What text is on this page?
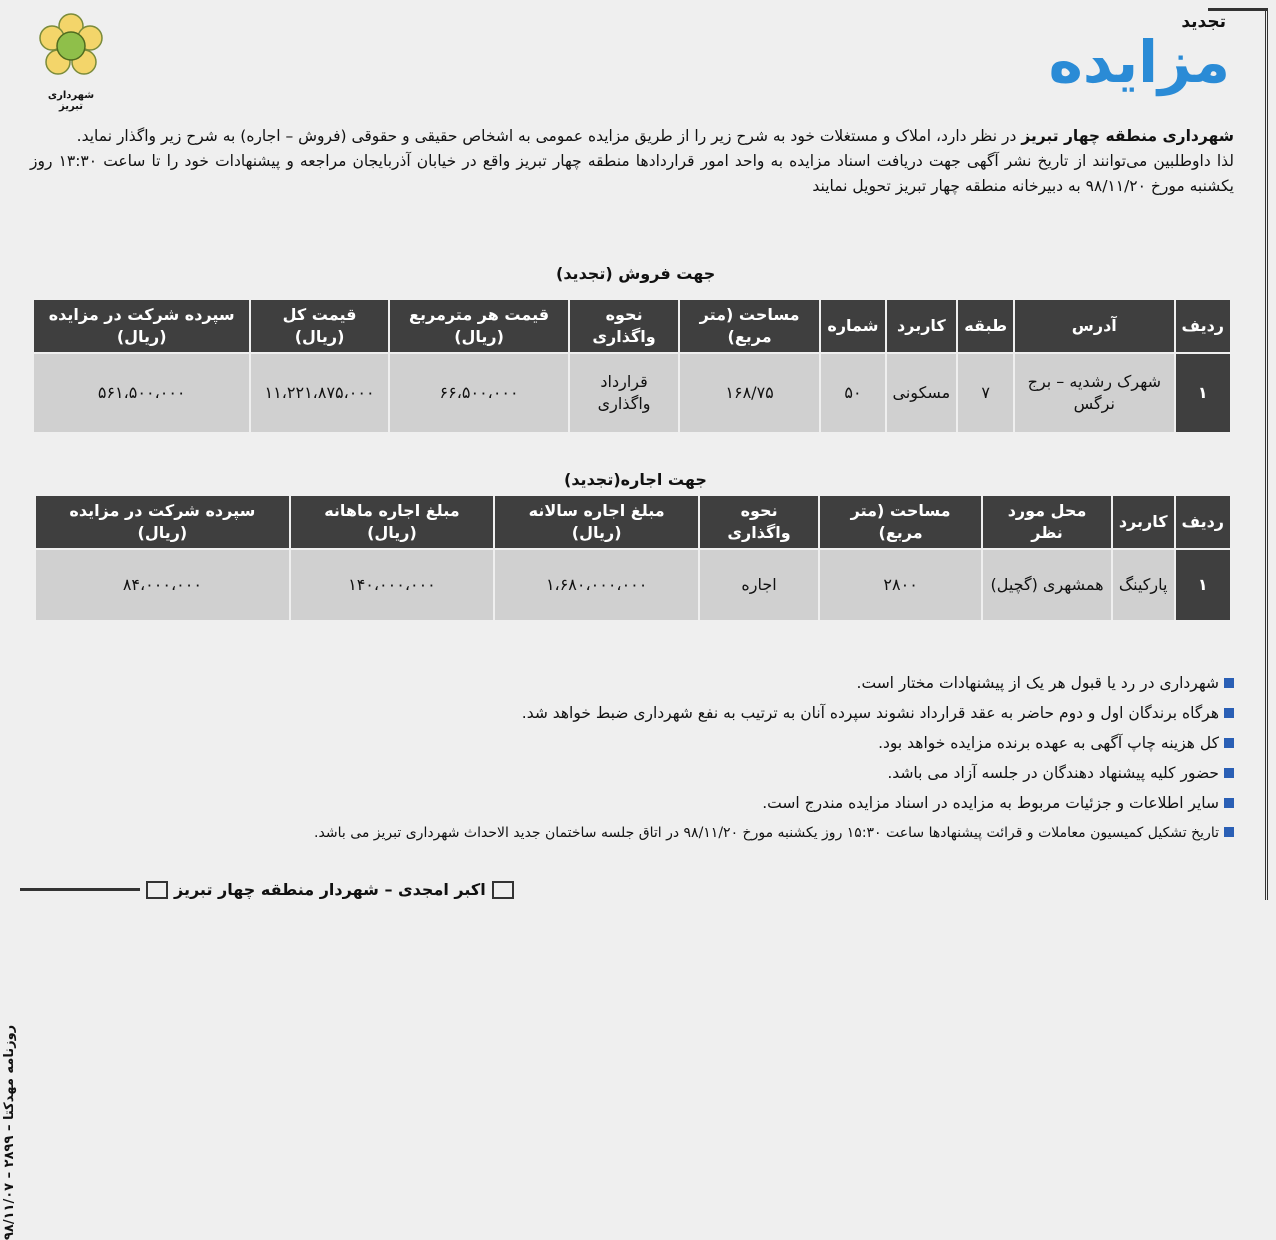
شهرداری تبریز
تجدید
مزایده
شهرداری منطقه چهار تبریز در نظر دارد، املاک و مستغلات خود به شرح زیر را از طریق مزایده عمومی به اشخاص حقیقی و حقوقی (فروش – اجاره) به شرح زیر واگذار نماید.
لذا داوطلبین می‌توانند از تاریخ نشر آگهی جهت دریافت اسناد مزایده به واحد امور قراردادها منطقه چهار تبریز واقع در خیابان آذربایجان مراجعه و پیشنهادات خود را تا ساعت ۱۳:۳۰ روز یکشنبه مورخ ۹۸/۱۱/۲۰ به دبیرخانه منطقه چهار تبریز تحویل نمایند
جهت فروش (تجدید)
ردیف	آدرس	طبقه	کاربرد	شماره	مساحت (متر مربع)	نحوه واگذاری	قیمت هر مترمربع (ریال)	قیمت کل (ریال)	سپرده شرکت در مزایده (ریال)
۱	شهرک رشدیه – برج نرگس	۷	مسکونی	۵۰	۱۶۸/۷۵	قرارداد واگذاری	۶۶،۵۰۰،۰۰۰	۱۱،۲۲۱،۸۷۵،۰۰۰	۵۶۱،۵۰۰،۰۰۰
جهت اجاره(تجدید)
ردیف	کاربرد	محل مورد نظر	مساحت (متر مربع)	نحوه واگذاری	مبلغ اجاره سالانه (ریال)	مبلغ اجاره ماهانه (ریال)	سپرده شرکت در مزایده (ریال)
۱	پارکینگ	همشهری (گچیل)	۲۸۰۰	اجاره	۱،۶۸۰،۰۰۰،۰۰۰	۱۴۰،۰۰۰،۰۰۰	۸۴،۰۰۰،۰۰۰
شهرداری در رد یا قبول هر یک از پیشنهادات مختار است.
هرگاه برندگان اول و دوم حاضر به عقد قرارداد نشوند سپرده آنان به ترتیب به نفع شهرداری ضبط خواهد شد.
کل هزینه چاپ آگهی به عهده برنده مزایده خواهد بود.
حضور کلیه پیشنهاد دهندگان در جلسه آزاد می باشد.
سایر اطلاعات و جزئیات مربوط به مزایده در اسناد مزایده مندرج است.
تاریخ تشکیل کمیسیون معاملات و قرائت پیشنهادها ساعت ۱۵:۳۰ روز یکشنبه مورخ ۹۸/۱۱/۲۰ در اتاق جلسه ساختمان جدید الاحداث شهرداری تبریز می باشد.
اکبر امجدی – شهردار منطقه چهار تبریز
روزنامه مهدکتا – ۲۸۹۹ – ۹۸/۱۱/۰۷
